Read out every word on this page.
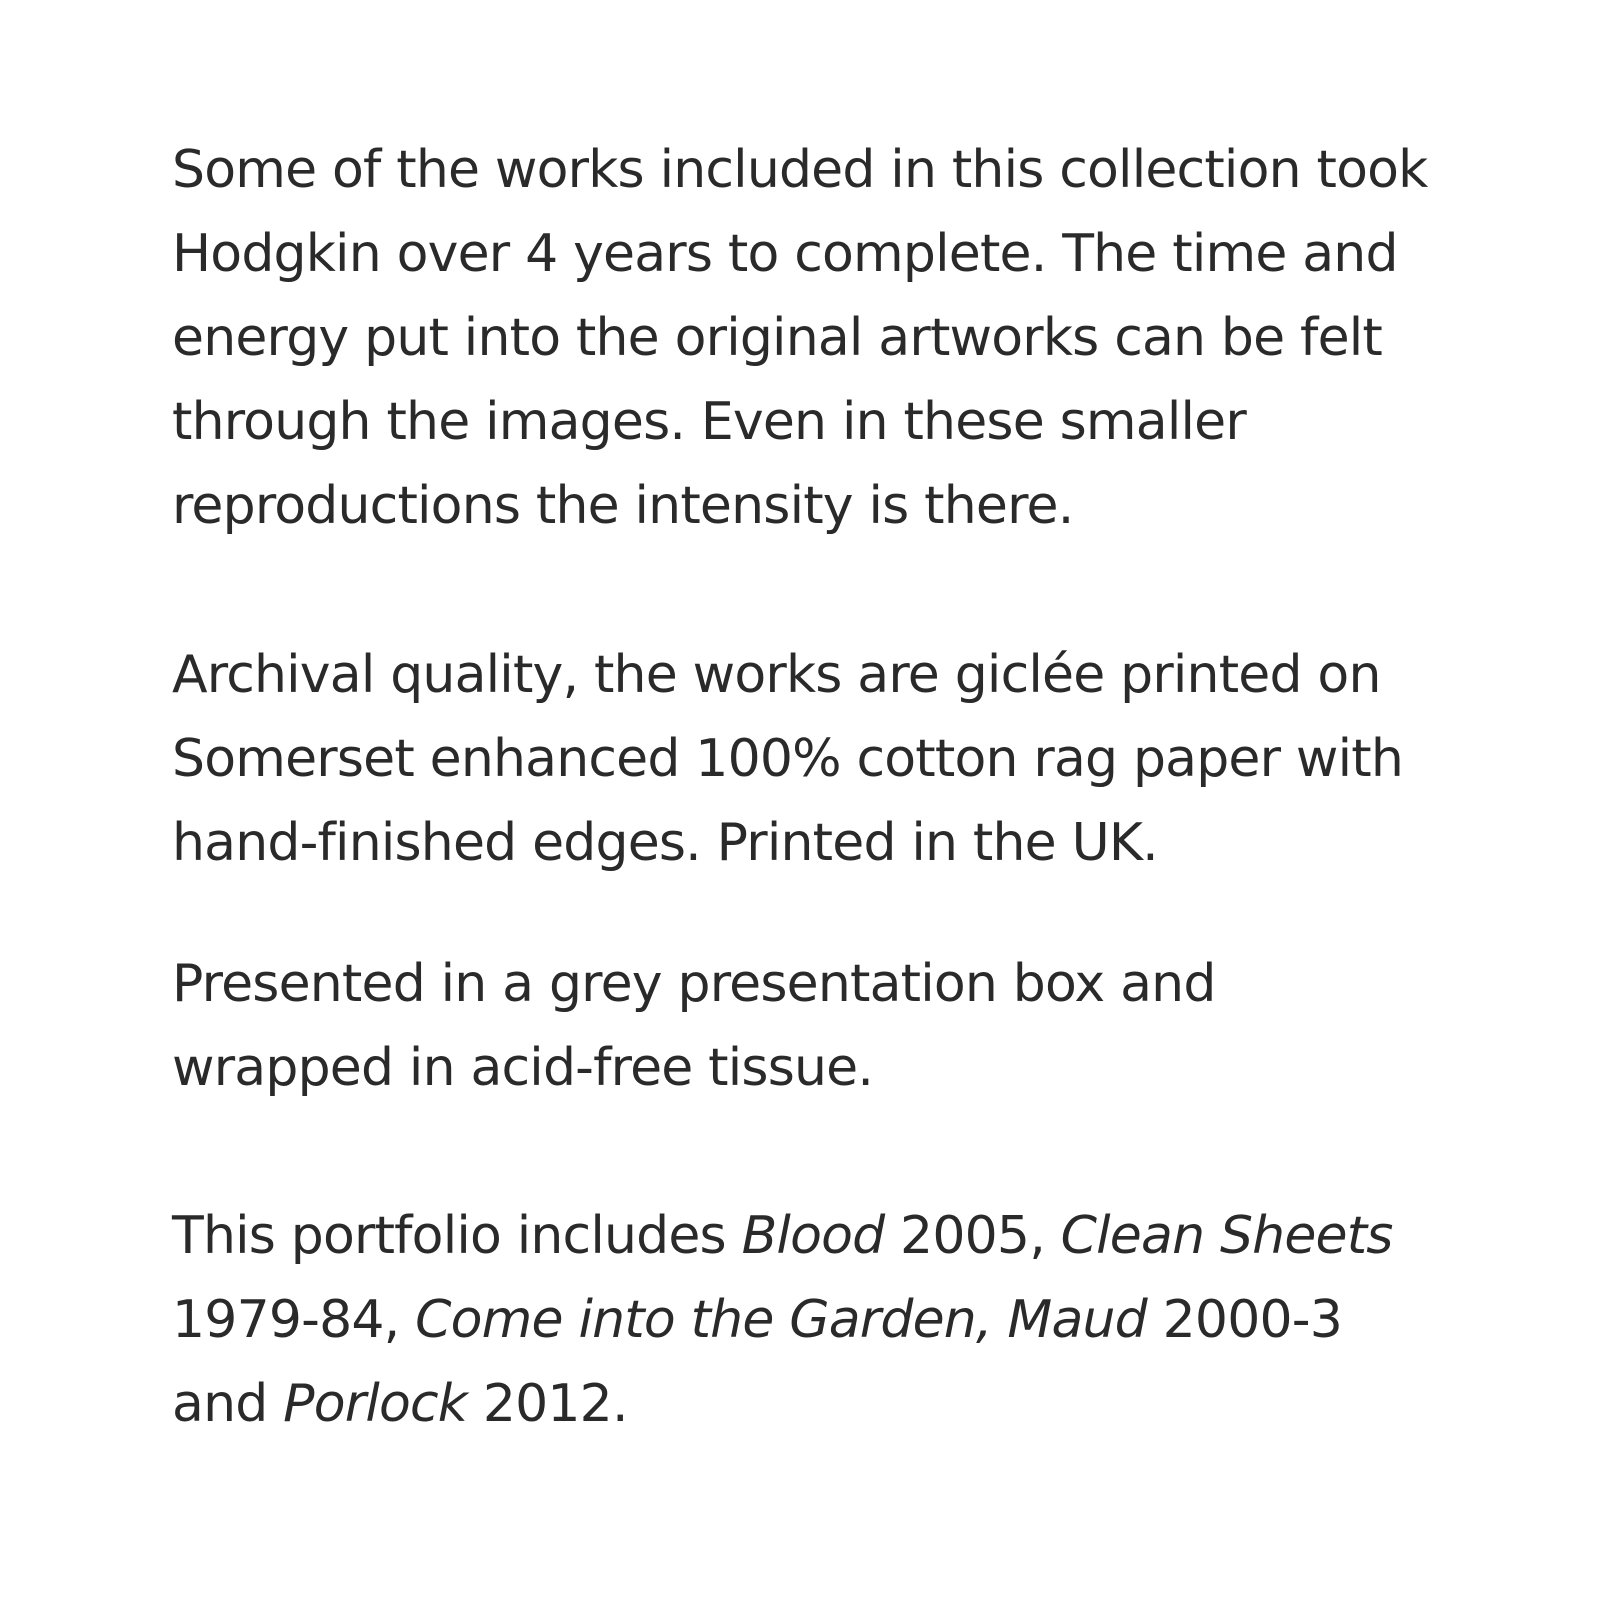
Some of the works included in this collection took

Hodgkin over 4 years to complete. The time and

energy put into the original artworks can be felt

through the images. Even in these smaller

reproductions the intensity is there.

Archival quality, the works are giclée printed on

Somerset enhanced 100% cotton rag paper with

hand-finished edges. Printed in the UK.

Presented in a grey presentation box and

wrapped in acid-free tissue.

This portfolio includes Blood 2005, Clean Sheets

1979-84, Come into the Garden, Maud 2000-3

and Porlock 2012.
